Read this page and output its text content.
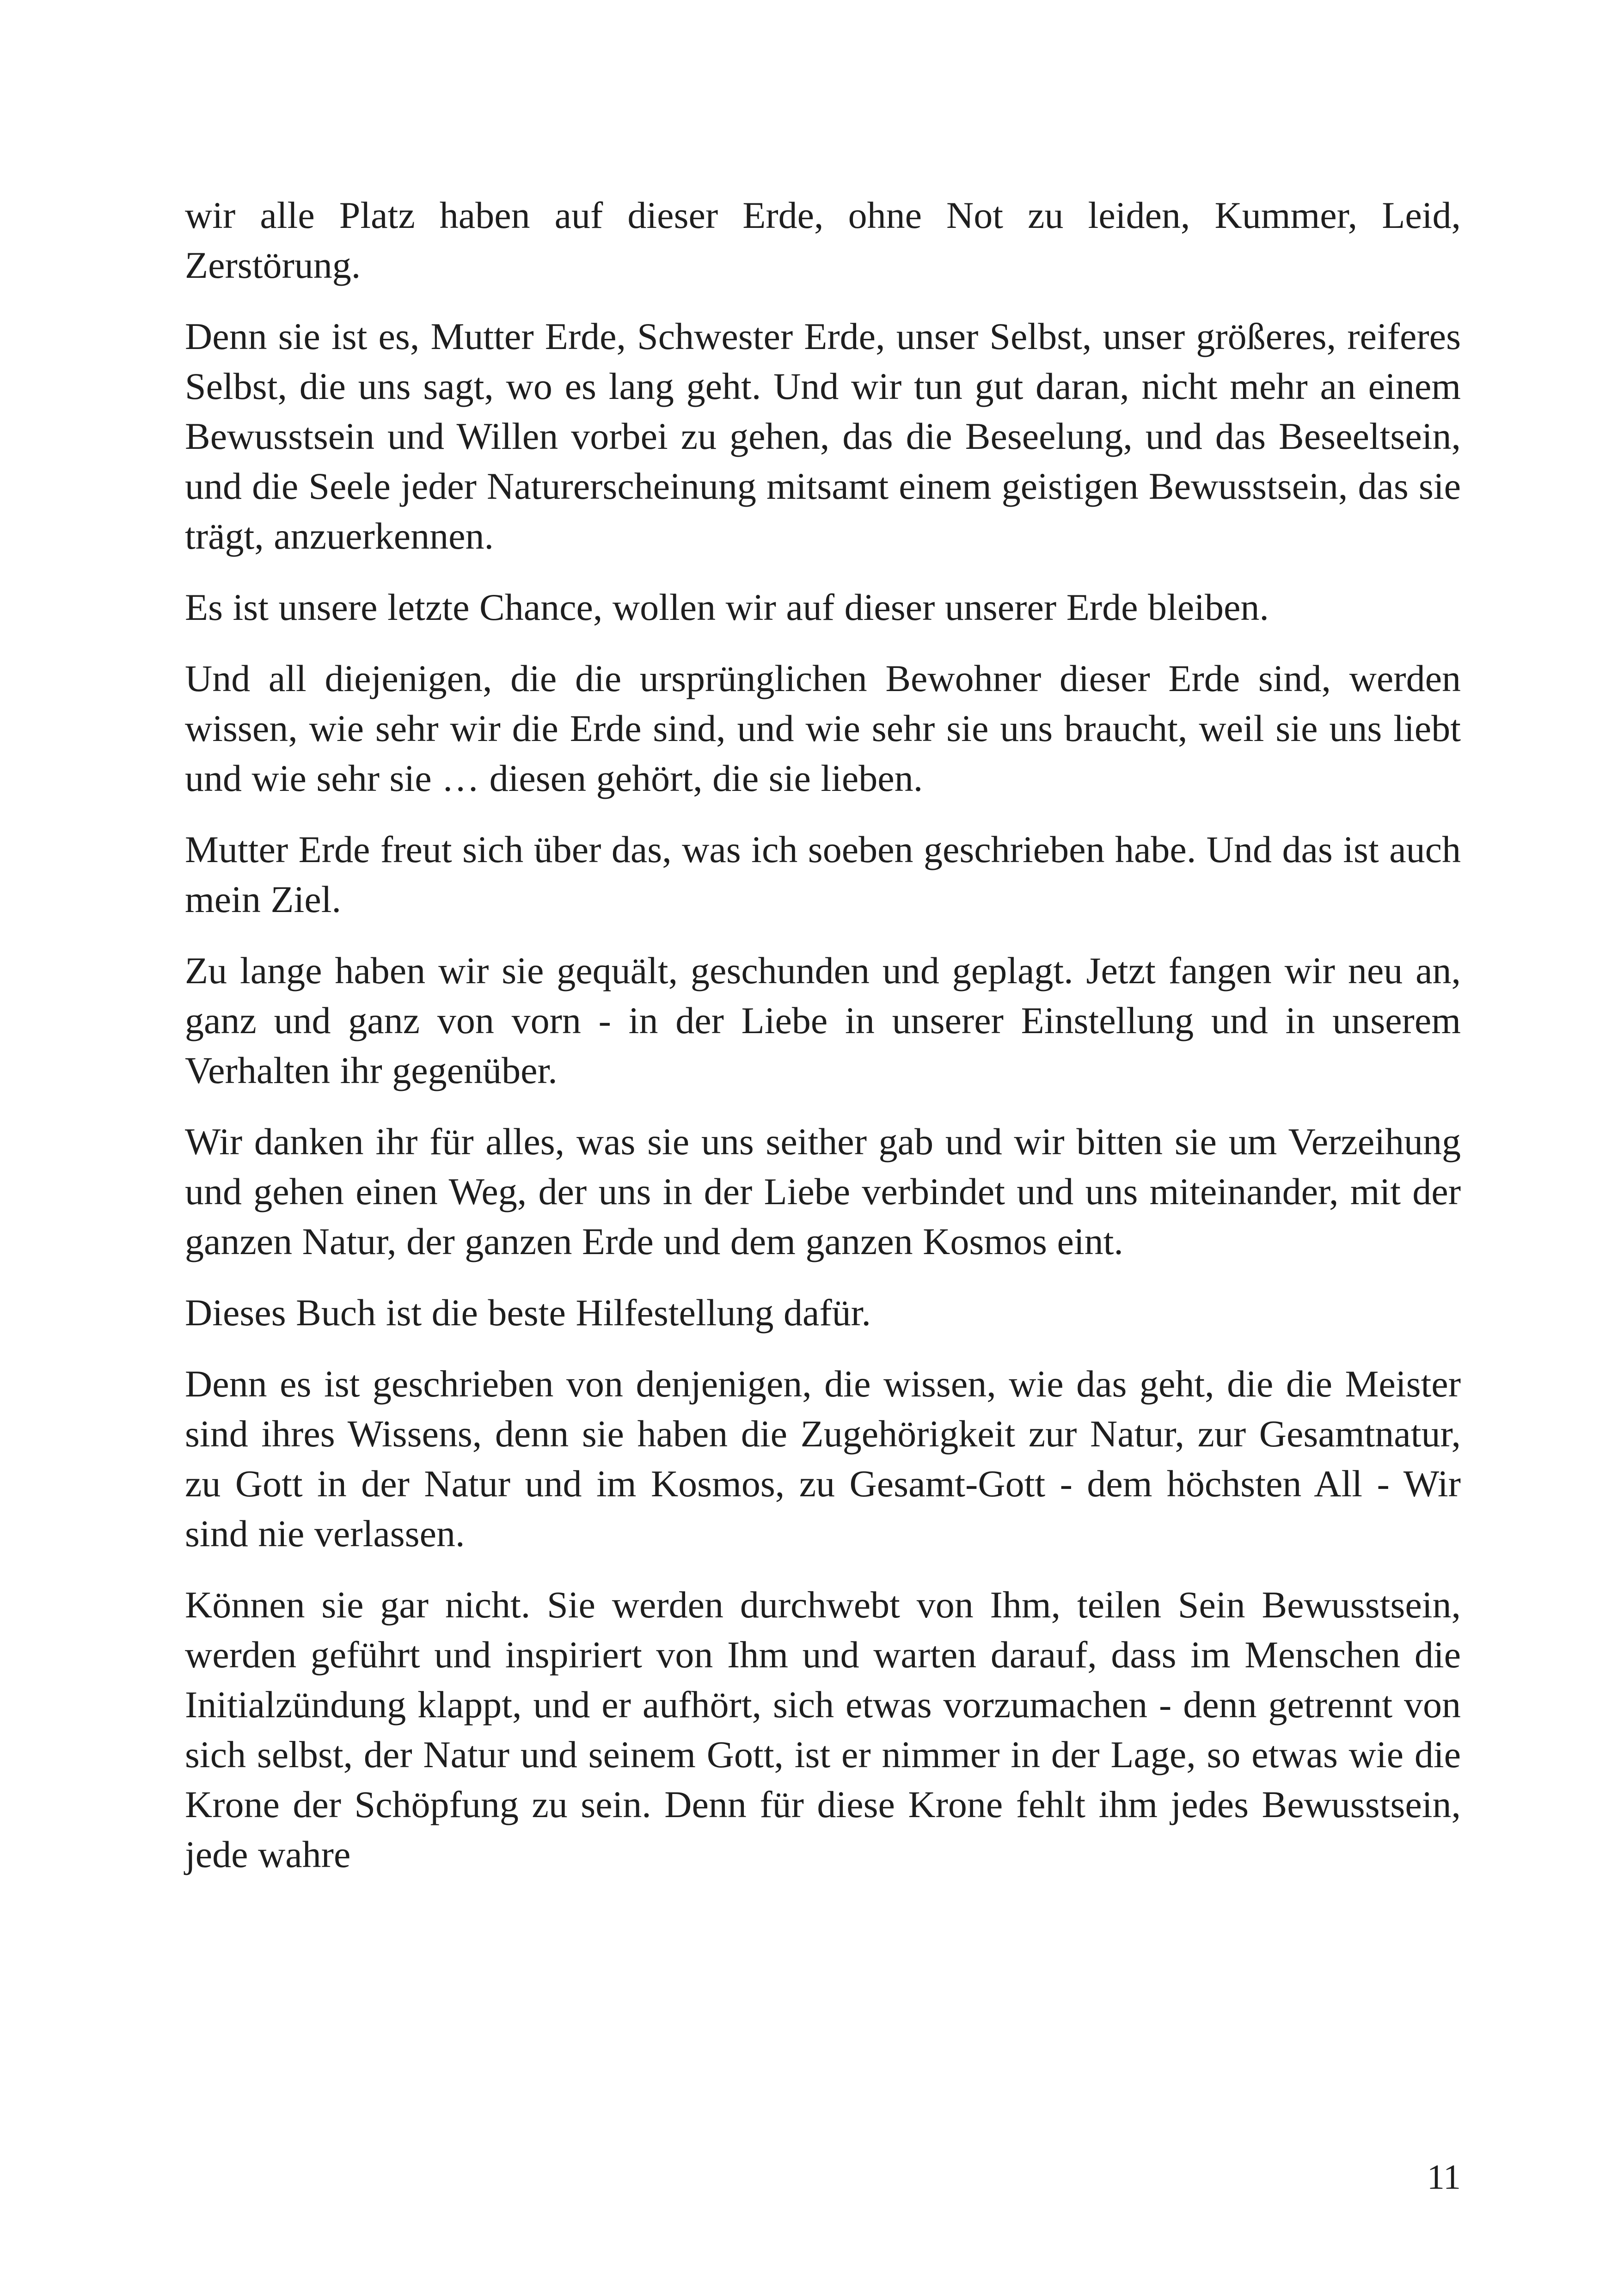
wir alle Platz haben auf dieser Erde, ohne Not zu leiden, Kummer, Leid, Zerstörung.

Denn sie ist es, Mutter Erde, Schwester Erde, unser Selbst, unser größeres, reiferes Selbst, die uns sagt, wo es lang geht. Und wir tun gut daran, nicht mehr an einem Bewusstsein und Willen vorbei zu gehen, das die Beseelung, und das Beseeltsein, und die Seele jeder Naturerscheinung mitsamt einem geistigen Bewusstsein, das sie trägt, anzuerkennen.

Es ist unsere letzte Chance, wollen wir auf dieser unserer Erde bleiben.

Und all diejenigen, die die ursprünglichen Bewohner dieser Erde sind, werden wissen, wie sehr wir die Erde sind, und wie sehr sie uns braucht, weil sie uns liebt und wie sehr sie … diesen gehört, die sie lieben.

Mutter Erde freut sich über das, was ich soeben geschrieben habe. Und das ist auch mein Ziel.

Zu lange haben wir sie gequält, geschunden und geplagt. Jetzt fangen wir neu an, ganz und ganz von vorn - in der Liebe in unserer Einstellung und in unserem Verhalten ihr gegenüber.

Wir danken ihr für alles, was sie uns seither gab und wir bitten sie um Verzeihung und gehen einen Weg, der uns in der Liebe verbindet und uns miteinander, mit der ganzen Natur, der ganzen Erde und dem ganzen Kosmos eint.

Dieses Buch ist die beste Hilfestellung dafür.

Denn es ist geschrieben von denjenigen, die wissen, wie das geht, die die Meister sind ihres Wissens, denn sie haben die Zugehörigkeit zur Natur, zur Gesamtnatur, zu Gott in der Natur und im Kosmos, zu Gesamt-Gott - dem höchsten All - Wir sind nie verlassen.

Können sie gar nicht. Sie werden durchwebt von Ihm, teilen Sein Bewusstsein, werden geführt und inspiriert von Ihm und warten darauf, dass im Menschen die Initialzündung klappt, und er aufhört, sich etwas vorzumachen - denn getrennt von sich selbst, der Natur und seinem Gott, ist er nimmer in der Lage, so etwas wie die Krone der Schöpfung zu sein. Denn für diese Krone fehlt ihm jedes Bewusstsein, jede wahre

11
